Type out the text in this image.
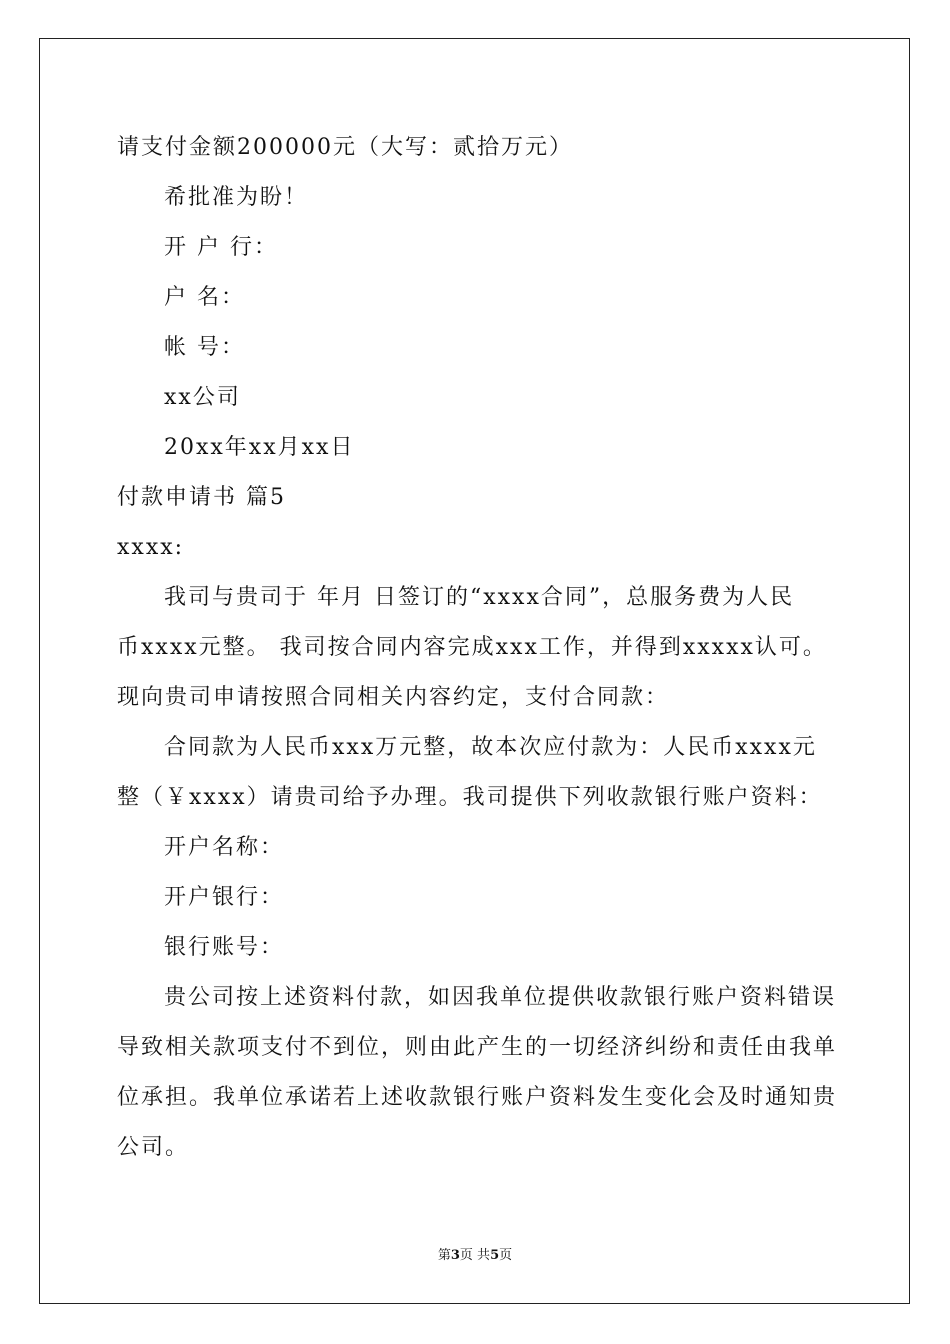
请支付金额200000元（大写：贰拾万元）
希批准为盼！
开 户 行：
户 名：
帐 号：
xx公司
20xx年xx月xx日
付款申请书 篇5
xxxx:
我司与贵司于 年月 日签订的“xxxx合同”，总服务费为人民
币xxxx元整。 我司按合同内容完成xxx工作，并得到xxxxx认可。
现向贵司申请按照合同相关内容约定，支付合同款：
合同款为人民币xxx万元整，故本次应付款为：人民币xxxx元
整（￥xxxx）请贵司给予办理。我司提供下列收款银行账户资料：
开户名称：
开户银行：
银行账号：
贵公司按上述资料付款，如因我单位提供收款银行账户资料错误
导致相关款项支付不到位，则由此产生的一切经济纠纷和责任由我单
位承担。我单位承诺若上述收款银行账户资料发生变化会及时通知贵
公司。
第3页 共5页
